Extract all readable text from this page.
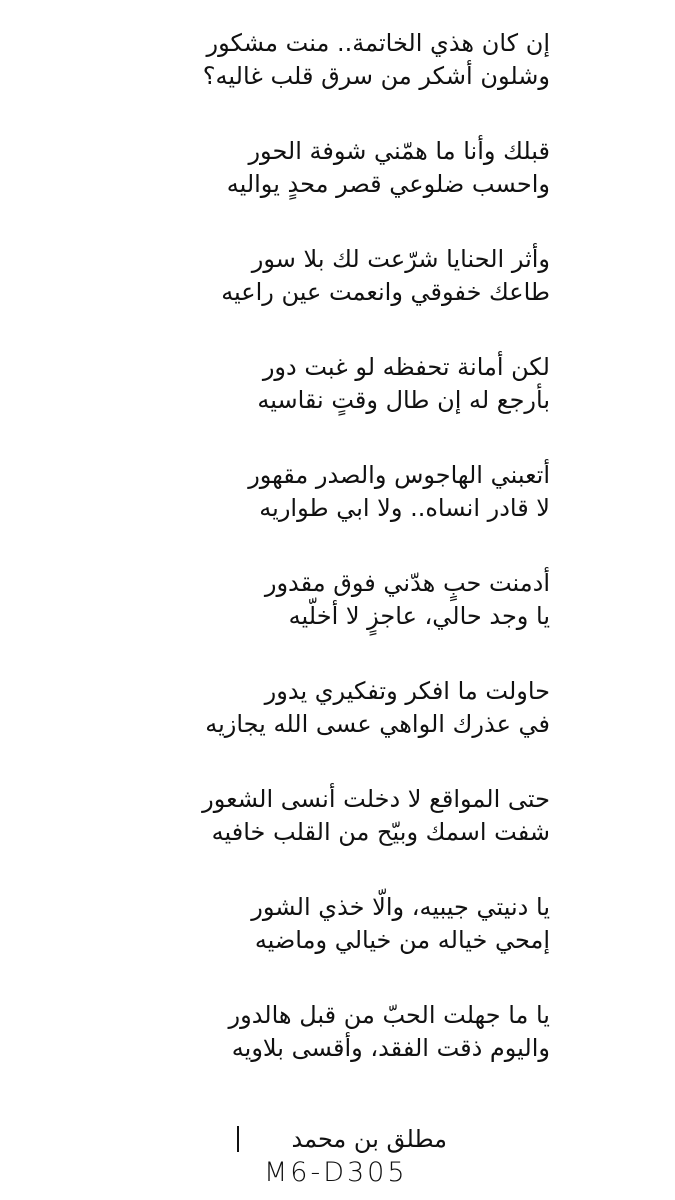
إن كان هذي الخاتمة.. منت مشكور
وشلون أشكر من سرق قلب غاليه؟
قبلك وأنا ما همّني شوفة الحور
واحسب ضلوعي قصر محدٍ يواليه
وأثر الحنايا شرّعت لك بلا سور
طاعك خفوقي وانعمت عين راعيه
لكن أمانة تحفظه لو غبت دور
بأرجع له إن طال وقتٍ نقاسيه
أتعبني الهاجوس والصدر مقهور
لا قادر انساه.. ولا ابي طواريه
أدمنت حبٍ هدّني فوق مقدور
يا وجد حالي، عاجزٍ لا أخلّيه
حاولت ما افكر وتفكيري يدور
في عذرك الواهي عسى الله يجازيه
حتى المواقع لا دخلت أنسى الشعور
شفت اسمك وبيّح من القلب خافيه
يا دنيتي جيبيه، والّا خذي الشور
إمحي خياله من خيالي وماضيه
يا ما جهلت الحبّ من قبل هالدور
واليوم ذقت الفقد، وأقسى بلاويه
مطلق بن محمد
M6-D305
